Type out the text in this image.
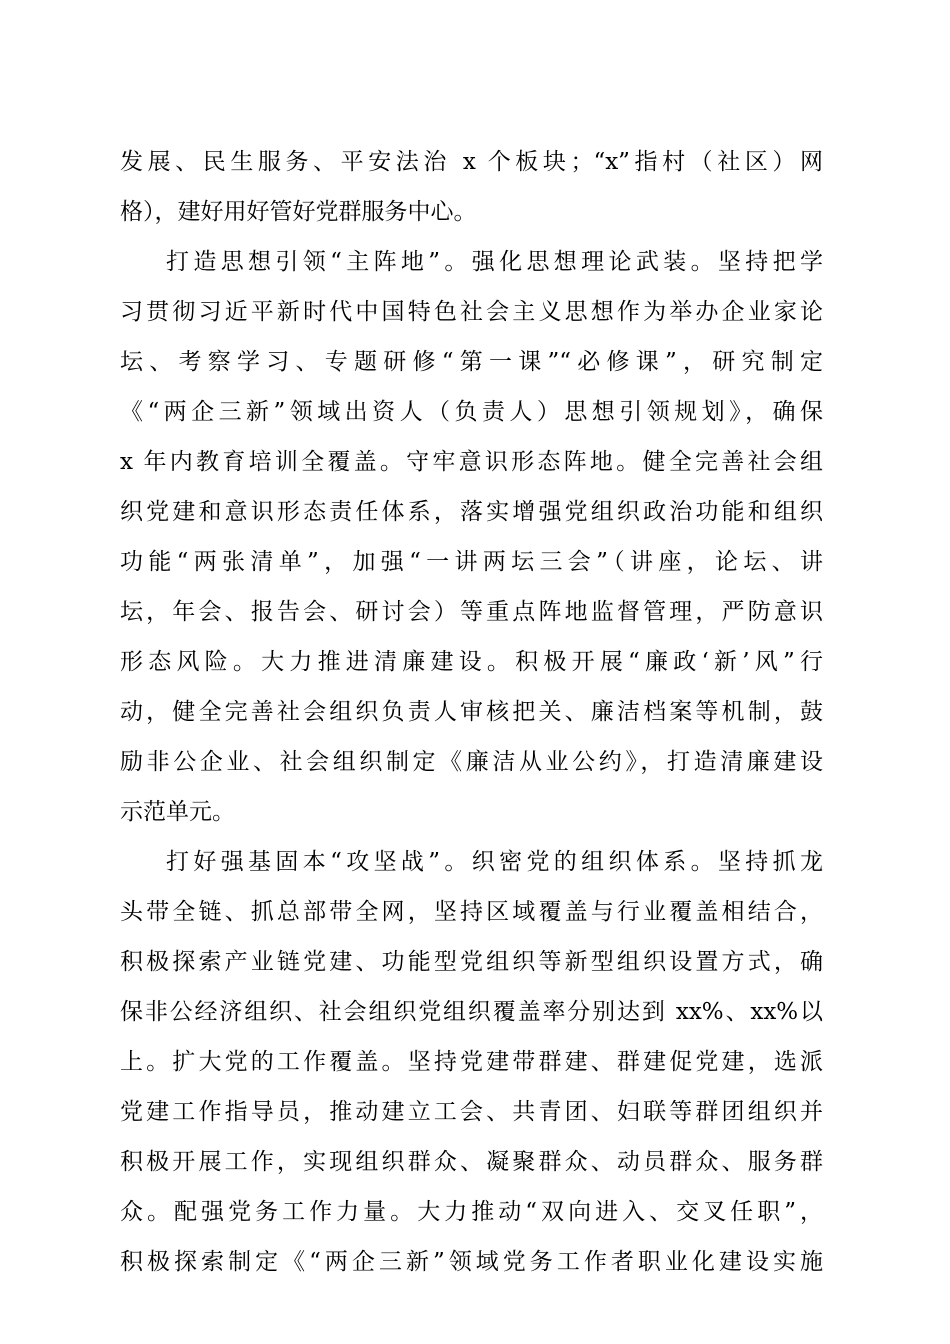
发展、民生服务、平安法治 x 个板块；“x”指村（社区）网
格），建好用好管好党群服务中心。
打造思想引领“主阵地”。强化思想理论武装。坚持把学
习贯彻习近平新时代中国特色社会主义思想作为举办企业家论
坛、考察学习、专题研修“第一课”“必修课”，研究制定
《“两企三新”领域出资人（负责人）思想引领规划》，确保
x 年内教育培训全覆盖。守牢意识形态阵地。健全完善社会组
织党建和意识形态责任体系，落实增强党组织政治功能和组织
功能“两张清单”，加强“一讲两坛三会”（讲座，论坛、讲
坛，年会、报告会、研讨会）等重点阵地监督管理，严防意识
形态风险。大力推进清廉建设。积极开展“廉政‘新’风”行
动，健全完善社会组织负责人审核把关、廉洁档案等机制，鼓
励非公企业、社会组织制定《廉洁从业公约》，打造清廉建设
示范单元。
打好强基固本“攻坚战”。织密党的组织体系。坚持抓龙
头带全链、抓总部带全网，坚持区域覆盖与行业覆盖相结合，
积极探索产业链党建、功能型党组织等新型组织设置方式，确
保非公经济组织、社会组织党组织覆盖率分别达到 xx%、xx%以
上。扩大党的工作覆盖。坚持党建带群建、群建促党建，选派
党建工作指导员，推动建立工会、共青团、妇联等群团组织并
积极开展工作，实现组织群众、凝聚群众、动员群众、服务群
众。配强党务工作力量。大力推动“双向进入、交叉任职”，
积极探索制定《“两企三新”领域党务工作者职业化建设实施
